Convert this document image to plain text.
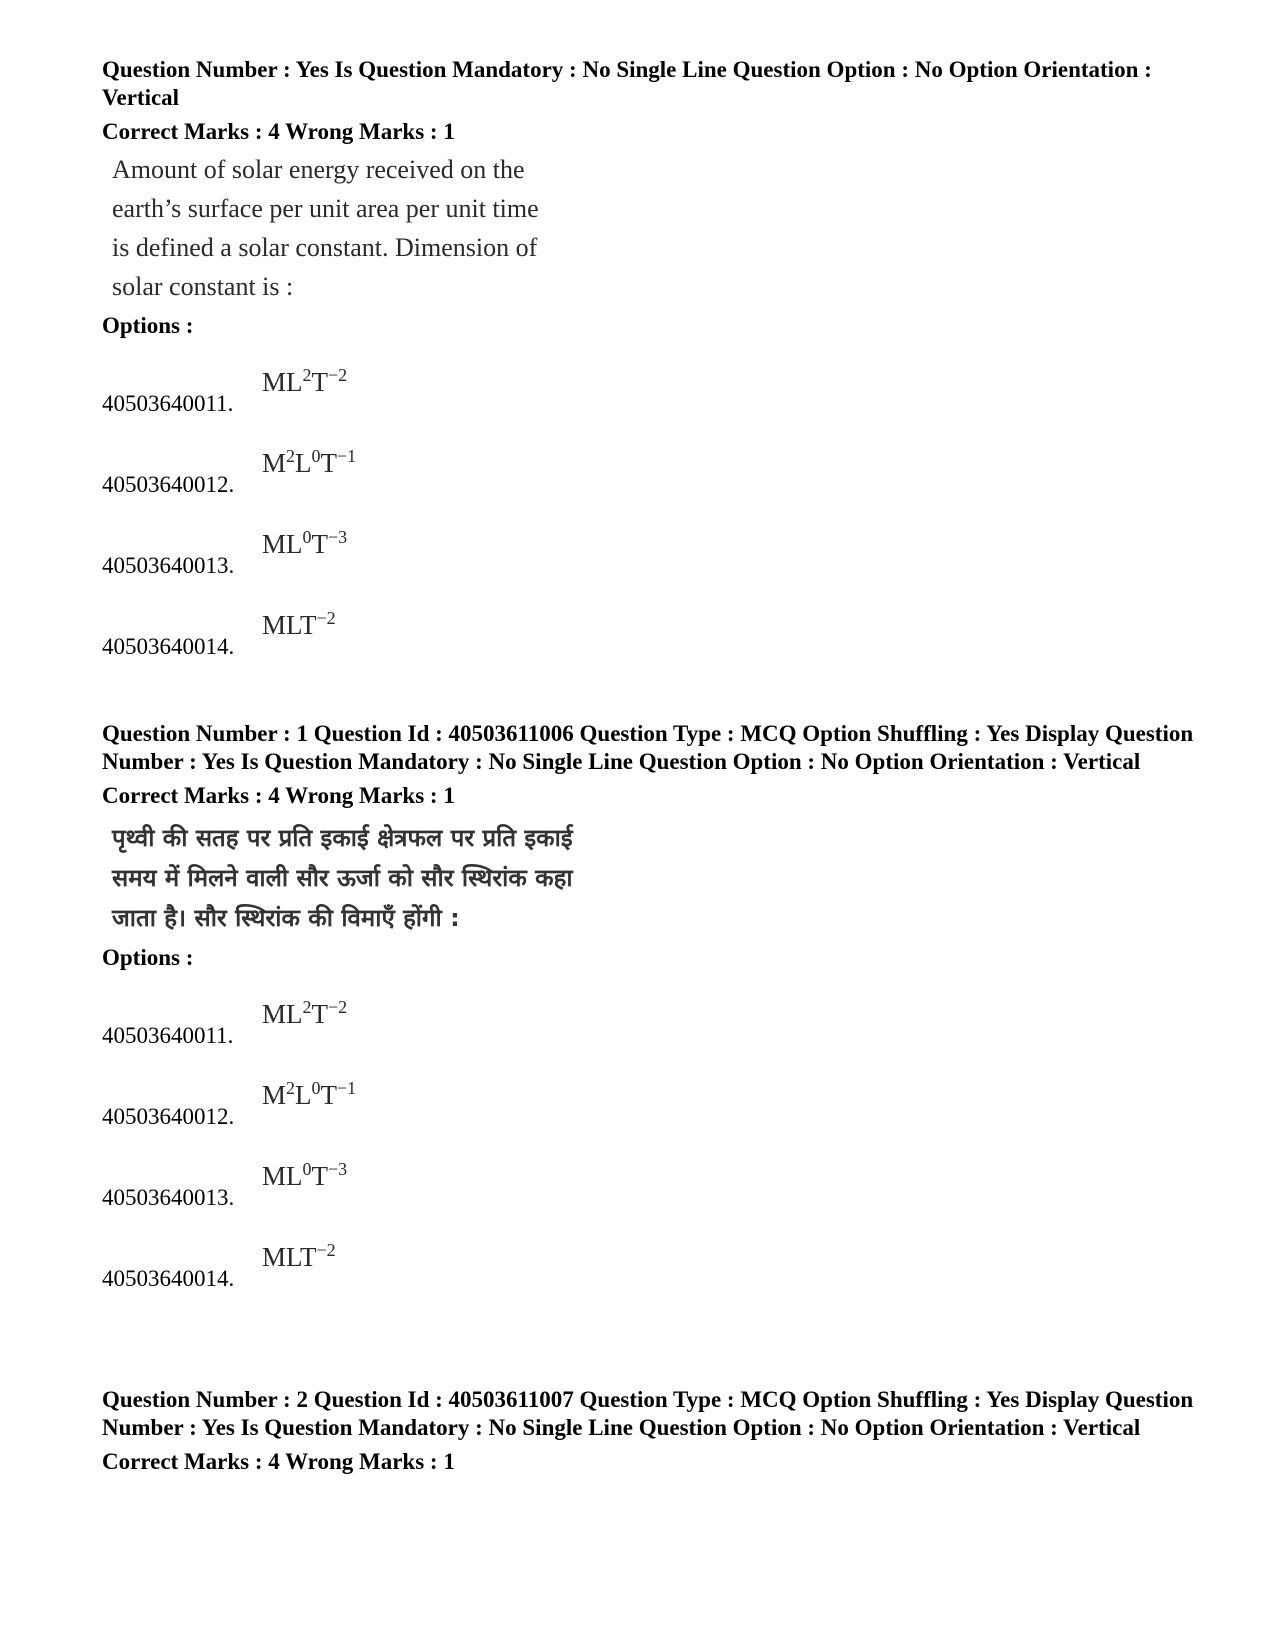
Question Number : Yes Is Question Mandatory : No Single Line Question Option : No Option Orientation : Vertical

Correct Marks : 4 Wrong Marks : 1
Amount of solar energy received on the
earth’s surface per unit area per unit time
is defined a solar constant. Dimension of
solar constant is :
Options :
40503640011.
$ML^2T^{-2}$
40503640012.
$M^2L^0T^{-1}$
40503640013.
$ML^0T^{-3}$
40503640014.
$MLT^{-2}$

Question Number : 1 Question Id : 40503611006 Question Type : MCQ Option Shuffling : Yes Display Question Number : Yes Is Question Mandatory : No Single Line Question Option : No Option Orientation : Vertical

Correct Marks : 4 Wrong Marks : 1
पृथ्वी की सतह पर प्रति इकाई क्षेत्रफल पर प्रति इकाई
समय में मिलने वाली सौर ऊर्जा को सौर स्थिरांक कहा
जाता है। सौर स्थिरांक की विमाएँ होंगी :
Options :
40503640011.
$ML^2T^{-2}$
40503640012.
$M^2L^0T^{-1}$
40503640013.
$ML^0T^{-3}$
40503640014.
$MLT^{-2}$

Question Number : 2 Question Id : 40503611007 Question Type : MCQ Option Shuffling : Yes Display Question Number : Yes Is Question Mandatory : No Single Line Question Option : No Option Orientation : Vertical

Correct Marks : 4 Wrong Marks : 1
